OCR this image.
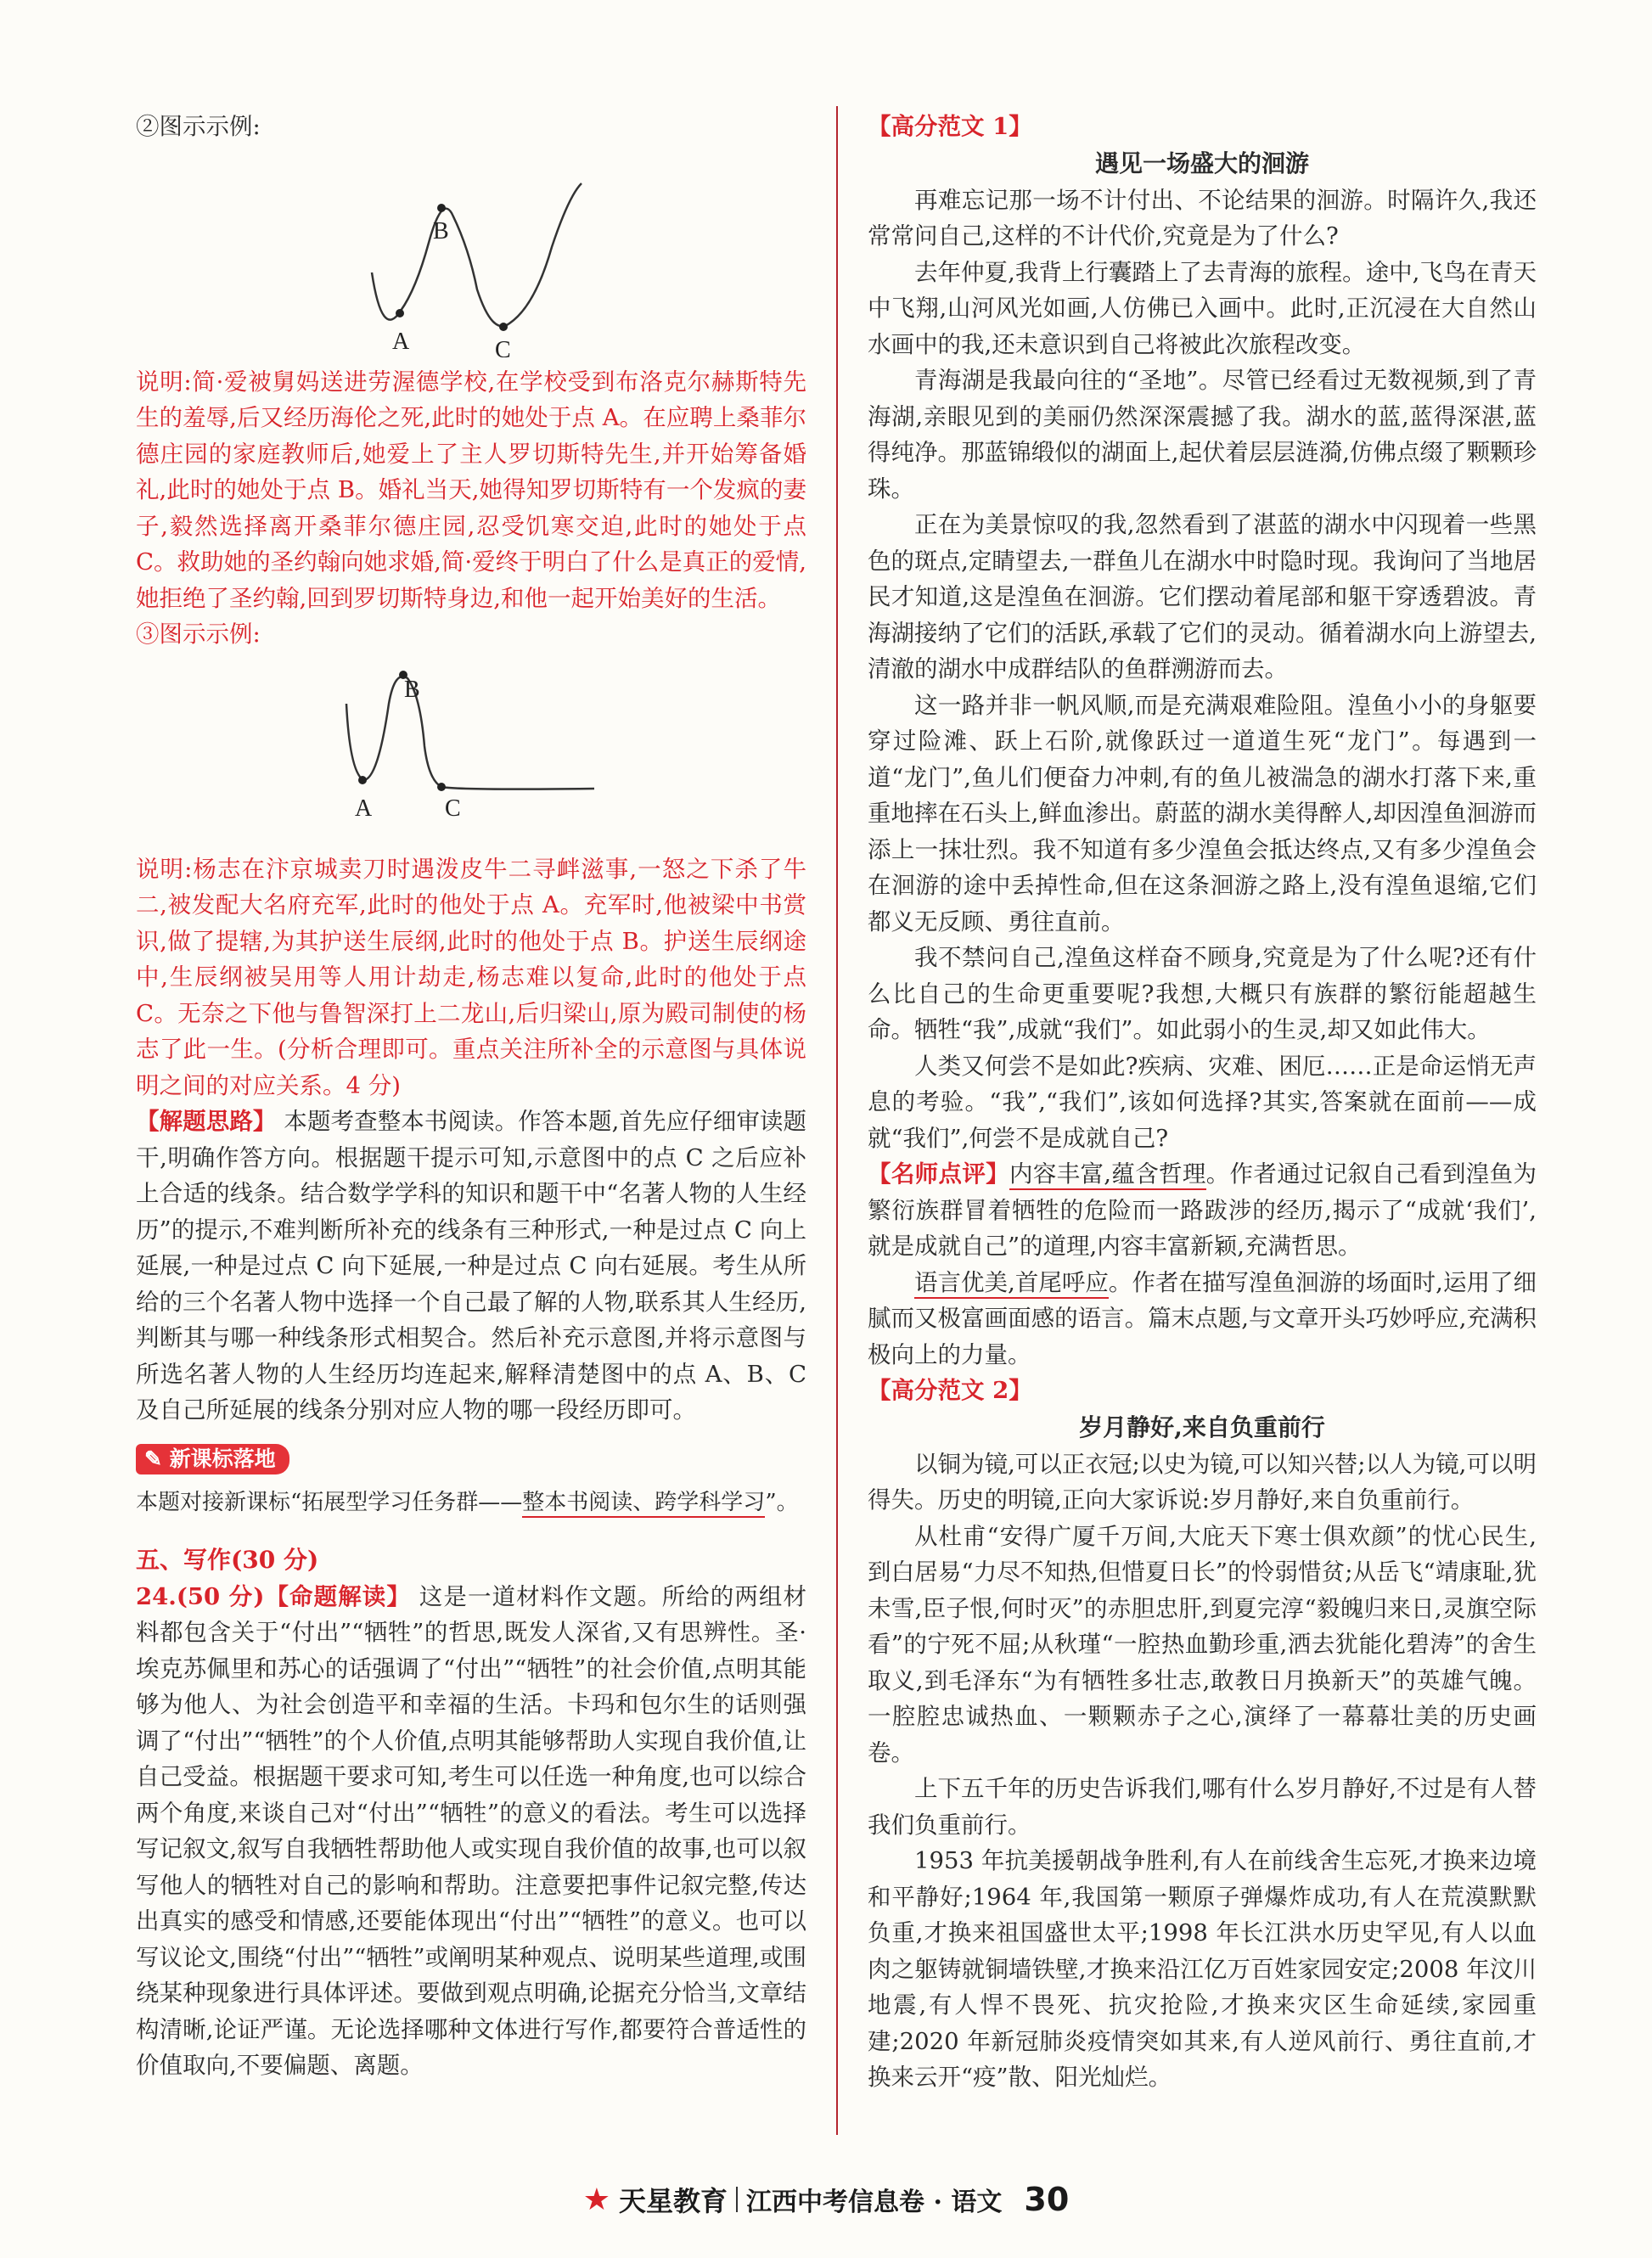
②图示示例:

A
B
C

说明:简·爱被舅妈送进劳渥德学校,在学校受到布洛克尔赫斯特先生的羞辱,后又经历海伦之死,此时的她处于点 A。在应聘上桑菲尔德庄园的家庭教师后,她爱上了主人罗切斯特先生,并开始筹备婚礼,此时的她处于点 B。婚礼当天,她得知罗切斯特有一个发疯的妻子,毅然选择离开桑菲尔德庄园,忍受饥寒交迫,此时的她处于点 C。救助她的圣约翰向她求婚,简·爱终于明白了什么是真正的爱情,她拒绝了圣约翰,回到罗切斯特身边,和他一起开始美好的生活。

③图示示例:

A
B
C

说明:杨志在汴京城卖刀时遇泼皮牛二寻衅滋事,一怒之下杀了牛二,被发配大名府充军,此时的他处于点 A。充军时,他被梁中书赏识,做了提辖,为其护送生辰纲,此时的他处于点 B。护送生辰纲途中,生辰纲被吴用等人用计劫走,杨志难以复命,此时的他处于点 C。无奈之下他与鲁智深打上二龙山,后归梁山,原为殿司制使的杨志了此一生。(分析合理即可。重点关注所补全的示意图与具体说明之间的对应关系。4 分)

【解题思路】 本题考查整本书阅读。作答本题,首先应仔细审读题干,明确作答方向。根据题干提示可知,示意图中的点 C 之后应补上合适的线条。结合数学学科的知识和题干中“名著人物的人生经历”的提示,不难判断所补充的线条有三种形式,一种是过点 C 向上延展,一种是过点 C 向下延展,一种是过点 C 向右延展。考生从所给的三个名著人物中选择一个自己最了解的人物,联系其人生经历,判断其与哪一种线条形式相契合。然后补充示意图,并将示意图与所选名著人物的人生经历均连起来,解释清楚图中的点 A、B、C 及自己所延展的线条分别对应人物的哪一段经历即可。

✎ 新课标落地

本题对接新课标“拓展型学习任务群——整本书阅读、跨学科学习”。

五、写作(30 分)

24.(50 分)【命题解读】 这是一道材料作文题。所给的两组材料都包含关于“付出”“牺牲”的哲思,既发人深省,又有思辨性。圣·埃克苏佩里和苏心的话强调了“付出”“牺牲”的社会价值,点明其能够为他人、为社会创造平和幸福的生活。卡玛和包尔生的话则强调了“付出”“牺牲”的个人价值,点明其能够帮助人实现自我价值,让自己受益。根据题干要求可知,考生可以任选一种角度,也可以综合两个角度,来谈自己对“付出”“牺牲”的意义的看法。考生可以选择写记叙文,叙写自我牺牲帮助他人或实现自我价值的故事,也可以叙写他人的牺牲对自己的影响和帮助。注意要把事件记叙完整,传达出真实的感受和情感,还要能体现出“付出”“牺牲”的意义。也可以写议论文,围绕“付出”“牺牲”或阐明某种观点、说明某些道理,或围绕某种现象进行具体评述。要做到观点明确,论据充分恰当,文章结构清晰,论证严谨。无论选择哪种文体进行写作,都要符合普适性的价值取向,不要偏题、离题。

【高分范文 1】

遇见一场盛大的洄游

再难忘记那一场不计付出、不论结果的洄游。时隔许久,我还常常问自己,这样的不计代价,究竟是为了什么?

去年仲夏,我背上行囊踏上了去青海的旅程。途中,飞鸟在青天中飞翔,山河风光如画,人仿佛已入画中。此时,正沉浸在大自然山水画中的我,还未意识到自己将被此次旅程改变。

青海湖是我最向往的“圣地”。尽管已经看过无数视频,到了青海湖,亲眼见到的美丽仍然深深震撼了我。湖水的蓝,蓝得深湛,蓝得纯净。那蓝锦缎似的湖面上,起伏着层层涟漪,仿佛点缀了颗颗珍珠。

正在为美景惊叹的我,忽然看到了湛蓝的湖水中闪现着一些黑色的斑点,定睛望去,一群鱼儿在湖水中时隐时现。我询问了当地居民才知道,这是湟鱼在洄游。它们摆动着尾部和躯干穿透碧波。青海湖接纳了它们的活跃,承载了它们的灵动。循着湖水向上游望去,清澈的湖水中成群结队的鱼群溯游而去。

这一路并非一帆风顺,而是充满艰难险阻。湟鱼小小的身躯要穿过险滩、跃上石阶,就像跃过一道道生死“龙门”。每遇到一道“龙门”,鱼儿们便奋力冲刺,有的鱼儿被湍急的湖水打落下来,重重地摔在石头上,鲜血渗出。蔚蓝的湖水美得醉人,却因湟鱼洄游而添上一抹壮烈。我不知道有多少湟鱼会抵达终点,又有多少湟鱼会在洄游的途中丢掉性命,但在这条洄游之路上,没有湟鱼退缩,它们都义无反顾、勇往直前。

我不禁问自己,湟鱼这样奋不顾身,究竟是为了什么呢?还有什么比自己的生命更重要呢?我想,大概只有族群的繁衍能超越生命。牺牲“我”,成就“我们”。如此弱小的生灵,却又如此伟大。

人类又何尝不是如此?疾病、灾难、困厄……正是命运悄无声息的考验。“我”,“我们”,该如何选择?其实,答案就在面前——成就“我们”,何尝不是成就自己?

【名师点评】内容丰富,蕴含哲理。作者通过记叙自己看到湟鱼为繁衍族群冒着牺牲的危险而一路跋涉的经历,揭示了“成就‘我们’,就是成就自己”的道理,内容丰富新颖,充满哲思。

语言优美,首尾呼应。作者在描写湟鱼洄游的场面时,运用了细腻而又极富画面感的语言。篇末点题,与文章开头巧妙呼应,充满积极向上的力量。

【高分范文 2】

岁月静好,来自负重前行

以铜为镜,可以正衣冠;以史为镜,可以知兴替;以人为镜,可以明得失。历史的明镜,正向大家诉说:岁月静好,来自负重前行。

从杜甫“安得广厦千万间,大庇天下寒士俱欢颜”的忧心民生,到白居易“力尽不知热,但惜夏日长”的怜弱惜贫;从岳飞“靖康耻,犹未雪,臣子恨,何时灭”的赤胆忠肝,到夏完淳“毅魄归来日,灵旗空际看”的宁死不屈;从秋瑾“一腔热血勤珍重,洒去犹能化碧涛”的舍生取义,到毛泽东“为有牺牲多壮志,敢教日月换新天”的英雄气魄。一腔腔忠诚热血、一颗颗赤子之心,演绎了一幕幕壮美的历史画卷。

上下五千年的历史告诉我们,哪有什么岁月静好,不过是有人替我们负重前行。

1953 年抗美援朝战争胜利,有人在前线舍生忘死,才换来边境和平静好;1964 年,我国第一颗原子弹爆炸成功,有人在荒漠默默负重,才换来祖国盛世太平;1998 年长江洪水历史罕见,有人以血肉之躯铸就铜墙铁壁,才换来沿江亿万百姓家园安定;2008 年汶川地震,有人悍不畏死、抗灾抢险,才换来灾区生命延续,家园重建;2020 年新冠肺炎疫情突如其来,有人逆风前行、勇往直前,才换来云开“疫”散、阳光灿烂。

★ 天星教育 江西中考信息卷 · 语文 30
